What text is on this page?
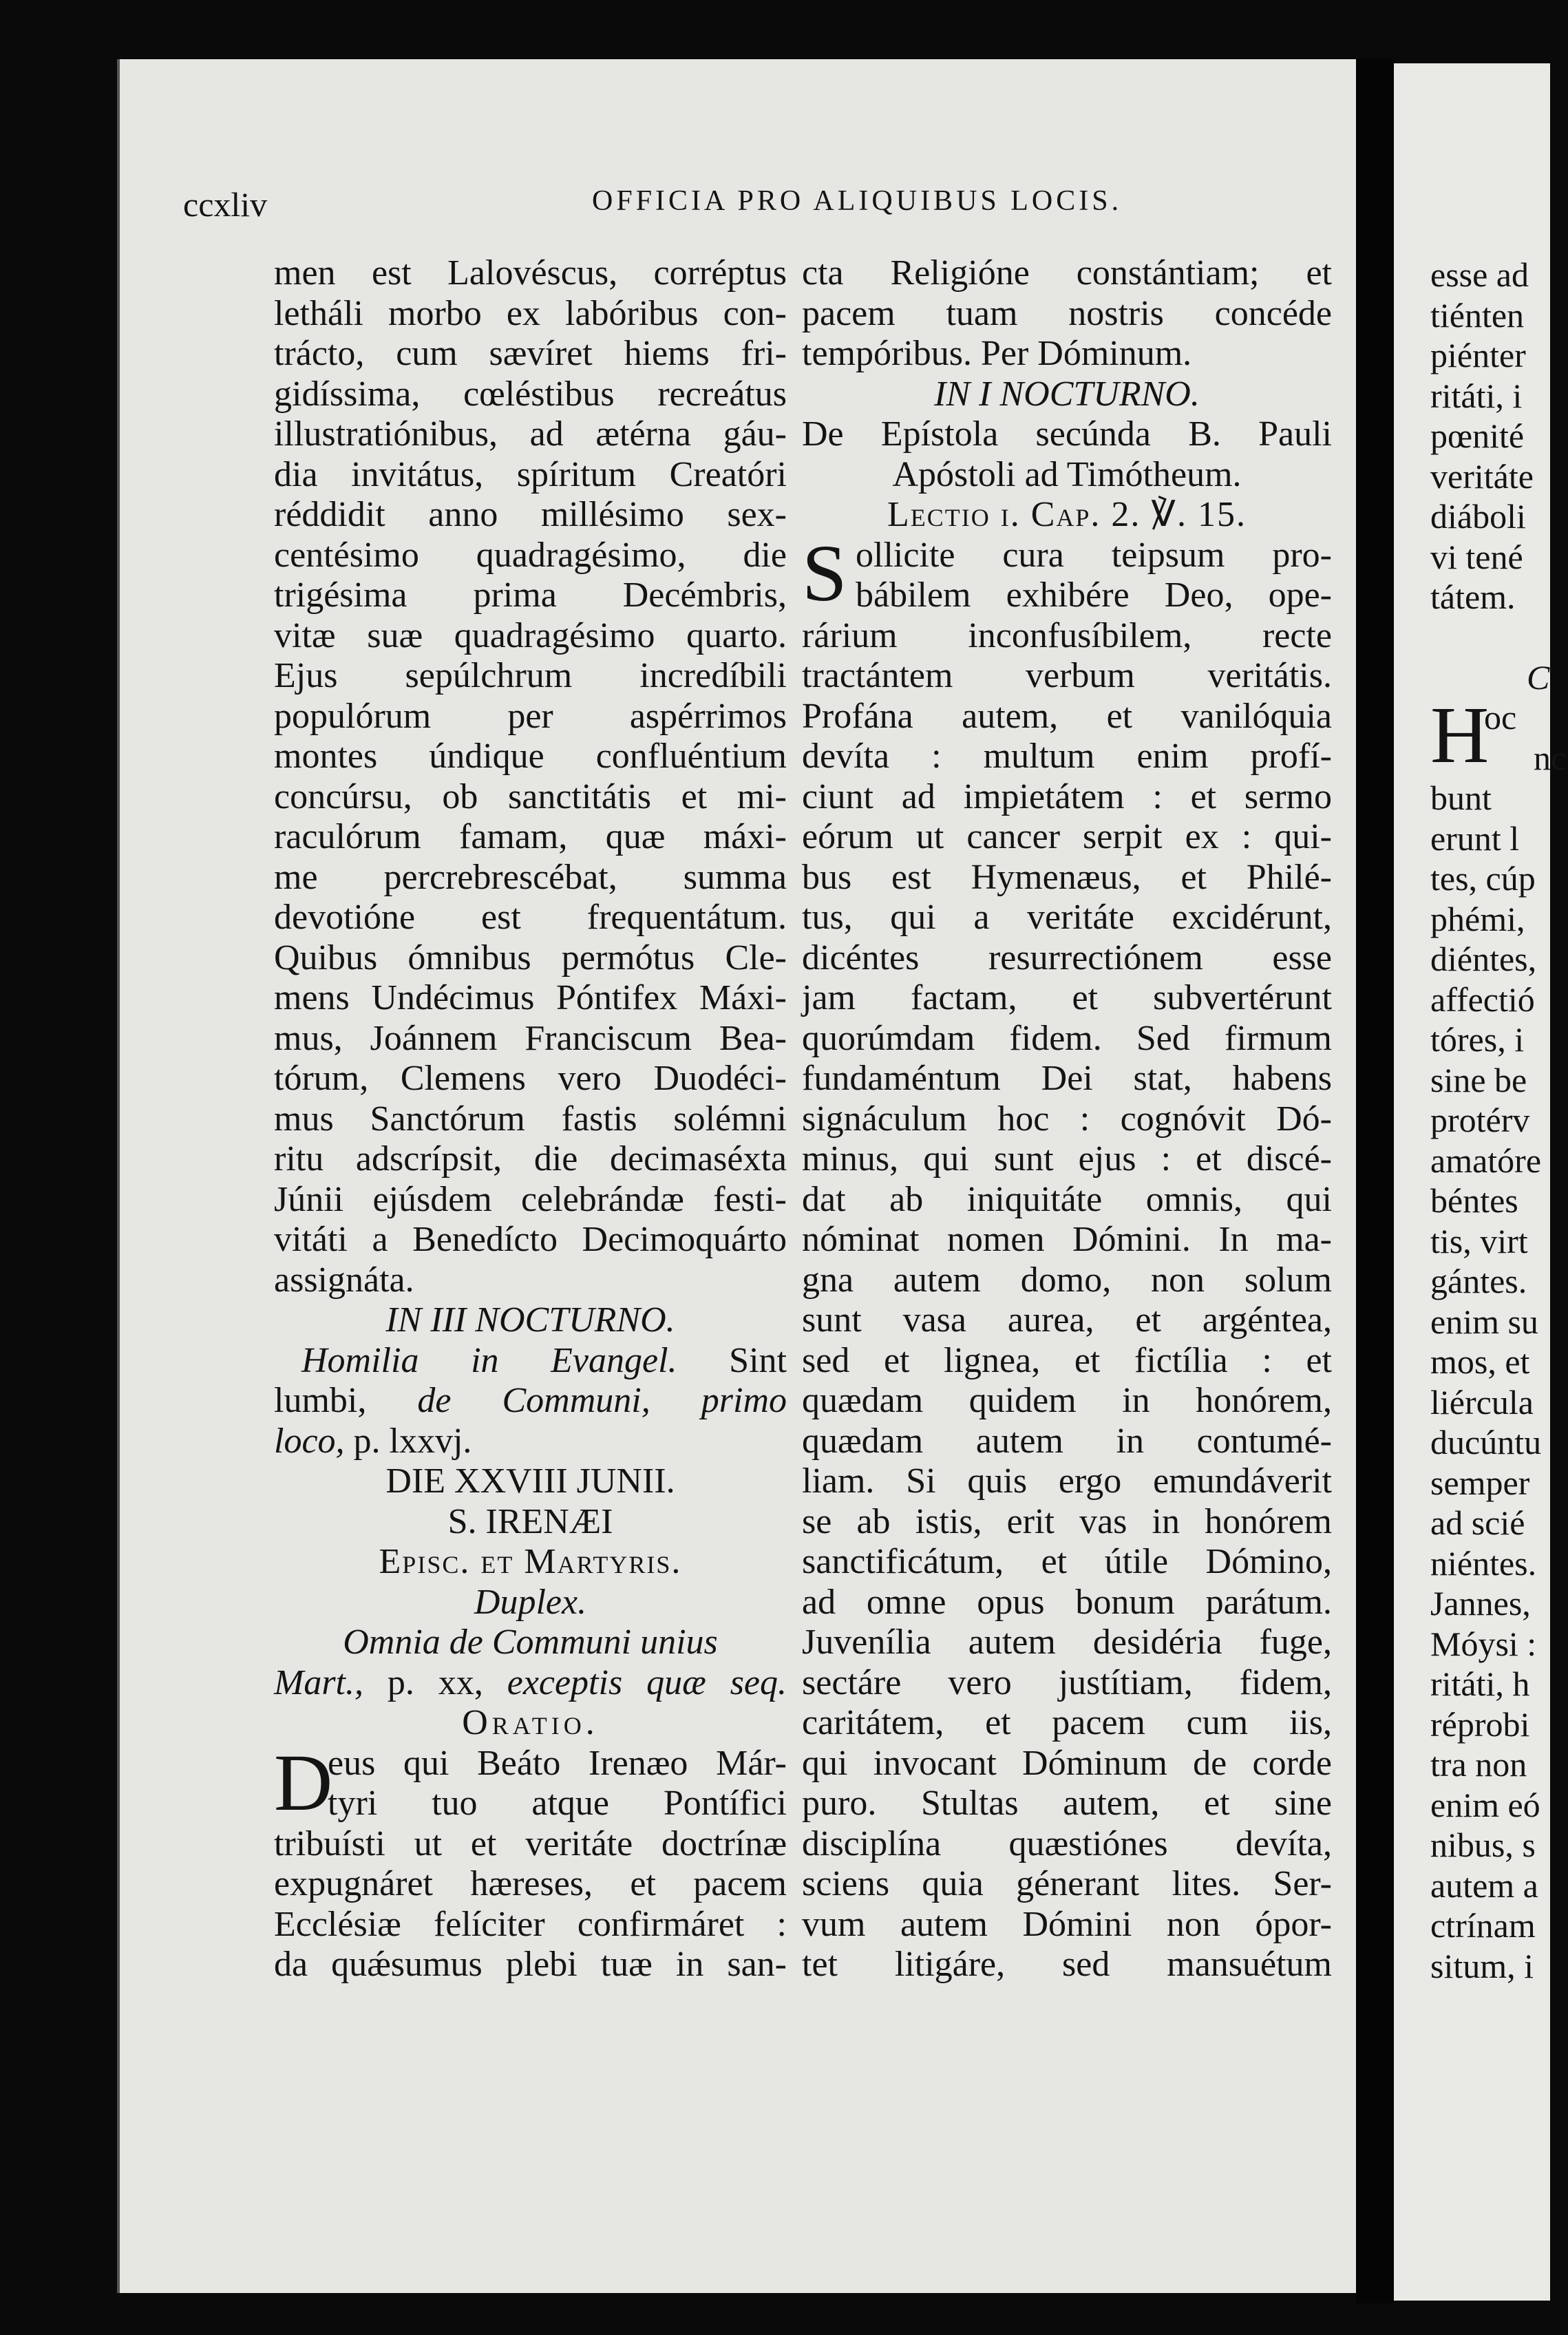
ccxliv	OFFICIA PRO ALIQUIBUS LOCIS.
men est Lalovéscus, corréptus
letháli morbo ex labóribus con-
trácto, cum sævíret hiems fri-
gidíssima, cœléstibus recreátus
illustratiónibus, ad ætérna gáu-
dia invitátus, spíritum Creatóri
réddidit anno millésimo sex-
centésimo quadragésimo, die
trigésima prima Decémbris,
vitæ suæ quadragésimo quarto.
Ejus sepúlchrum incredíbili
populórum per aspérrimos
montes úndique confluéntium
concúrsu, ob sanctitátis et mi-
raculórum famam, quæ máxi-
me percrebrescébat, summa
devotióne est frequentátum.
Quibus ómnibus permótus Cle-
mens Undécimus Póntifex Máxi-
mus, Joánnem Franciscum Bea-
tórum, Clemens vero Duodéci-
mus Sanctórum fastis solémni
ritu adscrípsit, die decimaséxta
Júnii ejúsdem celebrándæ festi-
vitáti a Benedícto Decimoquárto
assignáta.
IN III NOCTURNO.
Homilia in Evangel. Sint
lumbi, de Communi, primo
loco, p. lxxvj.
DIE XXVIII JUNII.
S. IRENÆI
Episc. et Martyris.
Duplex.
Omnia de Communi unius
Mart., p. xx, exceptis quæ seq.
Oratio.
D
eus qui Beáto Irenæo Már-
tyri tuo atque Pontífici
tribuísti ut et veritáte doctrínæ
expugnáret hæreses, et pacem
Ecclésiæ felíciter confirmáret :
da quǽsumus plebi tuæ in san-
cta Religióne constántiam; et
pacem tuam nostris concéde
tempóribus. Per Dóminum.
IN I NOCTURNO.
De Epístola secúnda B. Pauli
Apóstoli ad Timótheum.
Lectio i. Cap. 2. ℣. 15.
S ollicite cura teipsum pro-
bábilem exhibére Deo, ope-
rárium inconfusíbilem, recte
tractántem verbum veritátis.
Profána autem, et vanilóquia
devíta : multum enim profí-
ciunt ad impietátem : et sermo
eórum ut cancer serpit ex : qui-
bus est Hymenæus, et Philé-
tus, qui a veritáte excidérunt,
dicéntes resurrectiónem esse
jam factam, et subvertérunt
quorúmdam fidem. Sed firmum
fundaméntum Dei stat, habens
signáculum hoc : cognóvit Dó-
minus, qui sunt ejus : et discé-
dat ab iniquitáte omnis, qui
nóminat nomen Dómini. In ma-
gna autem domo, non solum
sunt vasa aurea, et argéntea,
sed et lignea, et fictília : et
quædam quidem in honórem,
quædam autem in contumé-
liam. Si quis ergo emundáverit
se ab istis, erit vas in honórem
sanctificátum, et útile Dómino,
ad omne opus bonum parátum.
Juvenília autem desidéria fuge,
sectáre vero justítiam, fidem,
caritátem, et pacem cum iis,
qui invocant Dóminum de corde
puro. Stultas autem, et sine
disciplína quæstiónes devíta,
sciens quia génerant lites. Ser-
vum autem Dómini non ópor-
tet litigáre, sed mansuétum
esse ad
tiénten
piénter
ritáti, i
pœnité
veritáte
diáboli
vi tené
tátem.
C
H
oc
nc
bunt
erunt l
tes, cúp
phémi,
diéntes,
affectió
tóres, i
sine be
protérv
amatóre
béntes
tis, virt
gántes.
enim su
mos, et
liércula
ducúntu
semper
ad scié
niéntes.
Jannes,
Móysi :
ritáti, h
réprobi
tra non
enim eó
nibus, s
autem a
ctrínam
situm, i
